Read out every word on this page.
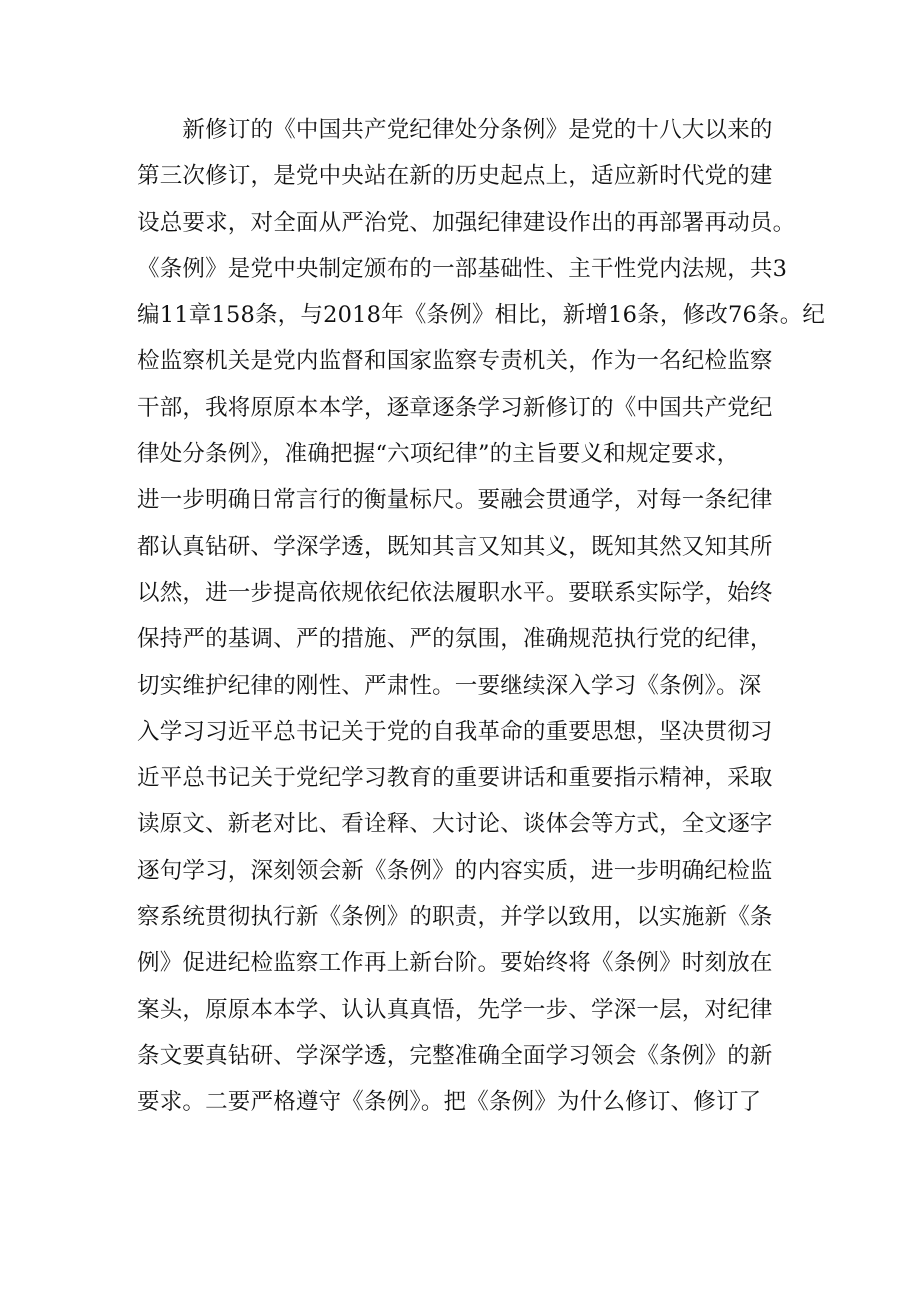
　　新修订的《中国共产党纪律处分条例》是党的十八大以来的
第三次修订，是党中央站在新的历史起点上，适应新时代党的建
设总要求，对全面从严治党、加强纪律建设作出的再部署再动员。
《条例》是党中央制定颁布的一部基础性、主干性党内法规，共3
编11章158条，与2018年《条例》相比，新增16条，修改76条。纪
检监察机关是党内监督和国家监察专责机关，作为一名纪检监察
干部，我将原原本本学，逐章逐条学习新修订的《中国共产党纪
律处分条例》，准确把握“六项纪律”的主旨要义和规定要求，
进一步明确日常言行的衡量标尺。要融会贯通学，对每一条纪律
都认真钻研、学深学透，既知其言又知其义，既知其然又知其所
以然，进一步提高依规依纪依法履职水平。要联系实际学，始终
保持严的基调、严的措施、严的氛围，准确规范执行党的纪律，
切实维护纪律的刚性、严肃性。一要继续深入学习《条例》。深
入学习习近平总书记关于党的自我革命的重要思想，坚决贯彻习
近平总书记关于党纪学习教育的重要讲话和重要指示精神，采取
读原文、新老对比、看诠释、大讨论、谈体会等方式，全文逐字
逐句学习，深刻领会新《条例》的内容实质，进一步明确纪检监
察系统贯彻执行新《条例》的职责，并学以致用，以实施新《条
例》促进纪检监察工作再上新台阶。要始终将《条例》时刻放在
案头，原原本本学、认认真真悟，先学一步、学深一层，对纪律
条文要真钻研、学深学透，完整准确全面学习领会《条例》的新
要求。二要严格遵守《条例》。把《条例》为什么修订、修订了
